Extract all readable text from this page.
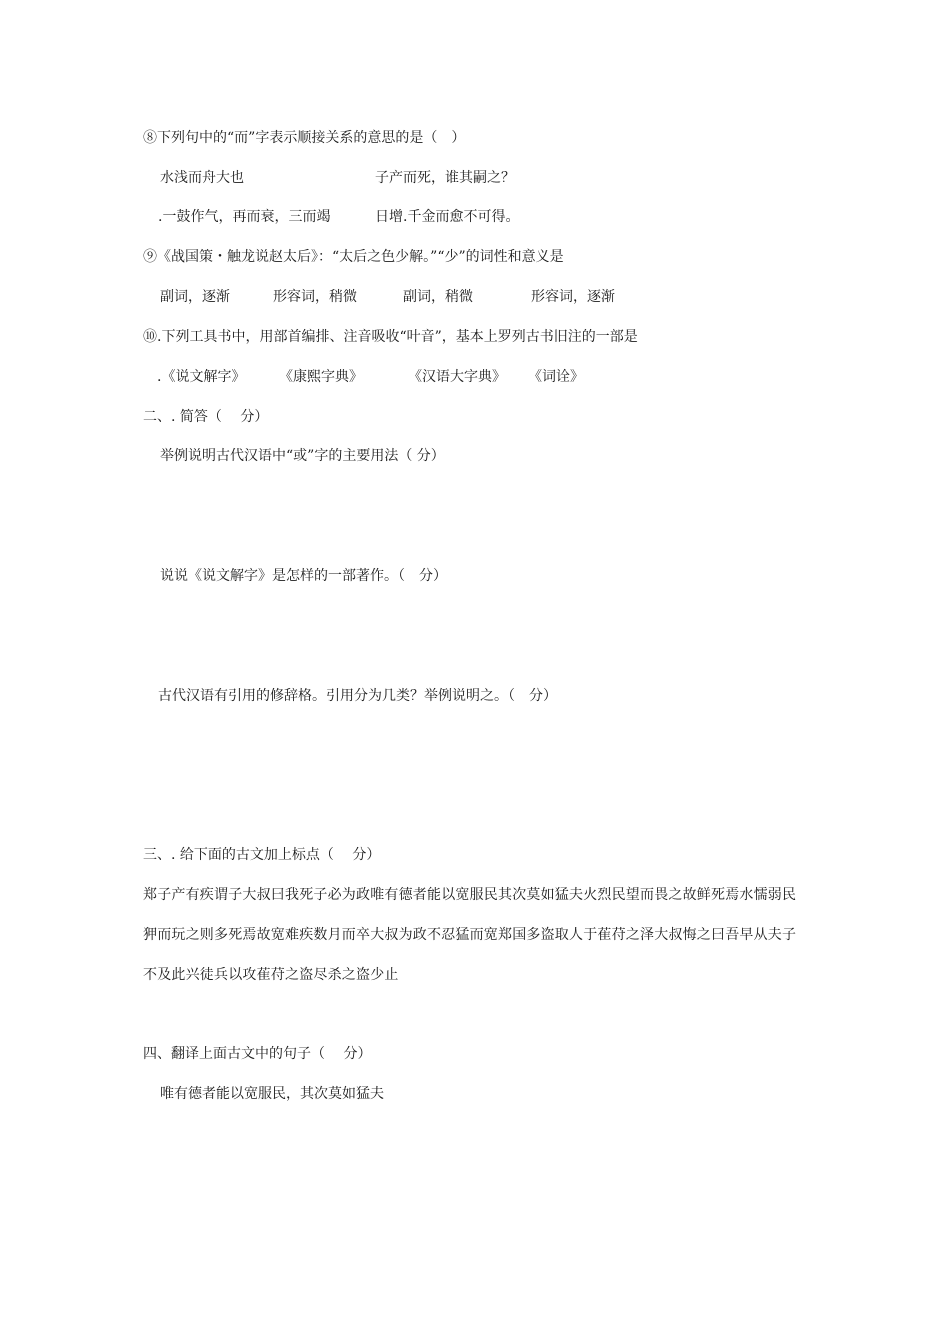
⑧下列句中的“而”字表示顺接关系的意思的是（　）
水浅而舟大也	子产而死，谁其嗣之？
.一鼓作气，再而衰，三而竭	日增.千金而愈不可得。
⑨《战国策・触龙说赵太后》：“太后之色少解。”“少”的词性和意义是
副词，逐渐	形容词，稍微	副词，稍微	形容词，逐渐
⑩.下列工具书中，用部首编排、注音吸收“叶音”，基本上罗列古书旧注的一部是
.《说文解字》 《康熙字典》	《汉语大字典》 《词诠》
二、. 简答（　 分）
举例说明古代汉语中“或”字的主要用法（ 分）
说说《说文解字》是怎样的一部著作。（　分）
古代汉语有引用的修辞格。引用分为几类？举例说明之。（　分）
三、. 给下面的古文加上标点（　 分）
郑子产有疾谓子大叔曰我死子必为政唯有德者能以宽服民其次莫如猛夫火烈民望而畏之故鲜死焉水懦弱民
狎而玩之则多死焉故宽难疾数月而卒大叔为政不忍猛而宽郑国多盗取人于萑苻之泽大叔悔之曰吾早从夫子
不及此兴徒兵以攻萑苻之盗尽杀之盗少止
四、翻译上面古文中的句子（　 分）
唯有德者能以宽服民，其次莫如猛夫
